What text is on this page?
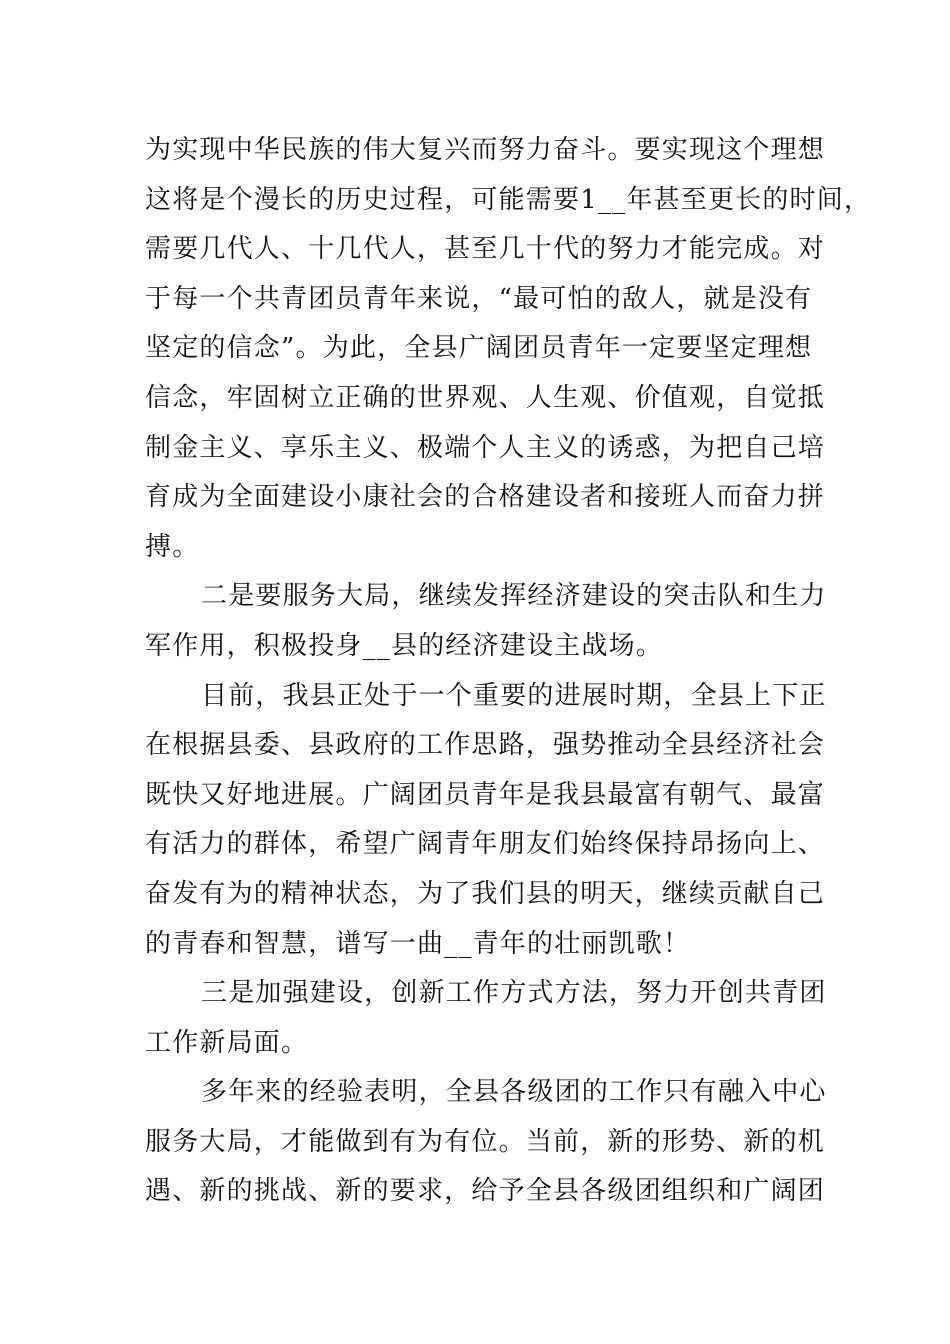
为实现中华民族的伟大复兴而努力奋斗。要实现这个理想
这将是个漫长的历史过程，可能需要1__年甚至更长的时间，
需要几代人、十几代人，甚至几十代的努力才能完成。对
于每一个共青团员青年来说，“最可怕的敌人，就是没有
坚定的信念”。为此，全县广阔团员青年一定要坚定理想
信念，牢固树立正确的世界观、人生观、价值观，自觉抵
制金主义、享乐主义、极端个人主义的诱惑，为把自己培
育成为全面建设小康社会的合格建设者和接班人而奋力拼
搏。
二是要服务大局，继续发挥经济建设的突击队和生力
军作用，积极投身__县的经济建设主战场。
目前，我县正处于一个重要的进展时期，全县上下正
在根据县委、县政府的工作思路，强势推动全县经济社会
既快又好地进展。广阔团员青年是我县最富有朝气、最富
有活力的群体，希望广阔青年朋友们始终保持昂扬向上、
奋发有为的精神状态，为了我们县的明天，继续贡献自己
的青春和智慧，谱写一曲__青年的壮丽凯歌！
三是加强建设，创新工作方式方法，努力开创共青团
工作新局面。
多年来的经验表明，全县各级团的工作只有融入中心
服务大局，才能做到有为有位。当前，新的形势、新的机
遇、新的挑战、新的要求，给予全县各级团组织和广阔团
